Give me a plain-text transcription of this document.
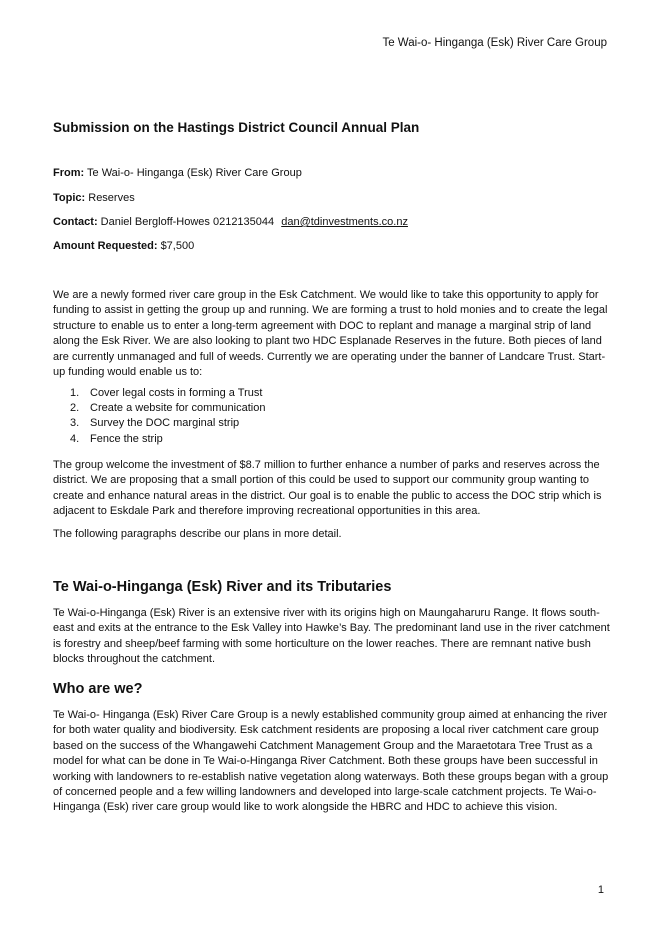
Te Wai-o- Hinganga (Esk) River Care Group
Submission on the Hastings District Council Annual Plan
From: Te Wai-o- Hinganga (Esk) River Care Group
Topic: Reserves
Contact: Daniel Bergloff-Howes 0212135044 dan@tdinvestments.co.nz
Amount Requested: $7,500

We are a newly formed river care group in the Esk Catchment. We would like to take this opportunity to apply for funding to assist in getting the group up and running. We are forming a trust to hold monies and to create the legal structure to enable us to enter a long-term agreement with DOC to replant and manage a marginal strip of land along the Esk River. We are also looking to plant two HDC Esplanade Reserves in the future. Both pieces of land are currently unmanaged and full of weeds. Currently we are operating under the banner of Landcare Trust. Start-up funding would enable us to:

1. Cover legal costs in forming a Trust
2. Create a website for communication
3. Survey the DOC marginal strip
4. Fence the strip

The group welcome the investment of $8.7 million to further enhance a number of parks and reserves across the district. We are proposing that a small portion of this could be used to support our community group wanting to create and enhance natural areas in the district. Our goal is to enable the public to access the DOC strip which is adjacent to Eskdale Park and therefore improving recreational opportunities in this area.

The following paragraphs describe our plans in more detail.

Te Wai-o-Hinganga (Esk) River and its Tributaries

Te Wai-o-Hinganga (Esk) River is an extensive river with its origins high on Maungaharuru Range. It flows south-east and exits at the entrance to the Esk Valley into Hawke’s Bay. The predominant land use in the river catchment is forestry and sheep/beef farming with some horticulture on the lower reaches. There are remnant native bush blocks throughout the catchment.

Who are we?

Te Wai-o- Hinganga (Esk) River Care Group is a newly established community group aimed at enhancing the river for both water quality and biodiversity. Esk catchment residents are proposing a local river catchment care group based on the success of the Whangawehi Catchment Management Group and the Maraetotara Tree Trust as a model for what can be done in Te Wai-o-Hinganga River Catchment. Both these groups have been successful in working with landowners to re-establish native vegetation along waterways. Both these groups began with a group of concerned people and a few willing landowners and developed into large-scale catchment projects. Te Wai-o-Hinganga (Esk) river care group would like to work alongside the HBRC and HDC to achieve this vision.

1
